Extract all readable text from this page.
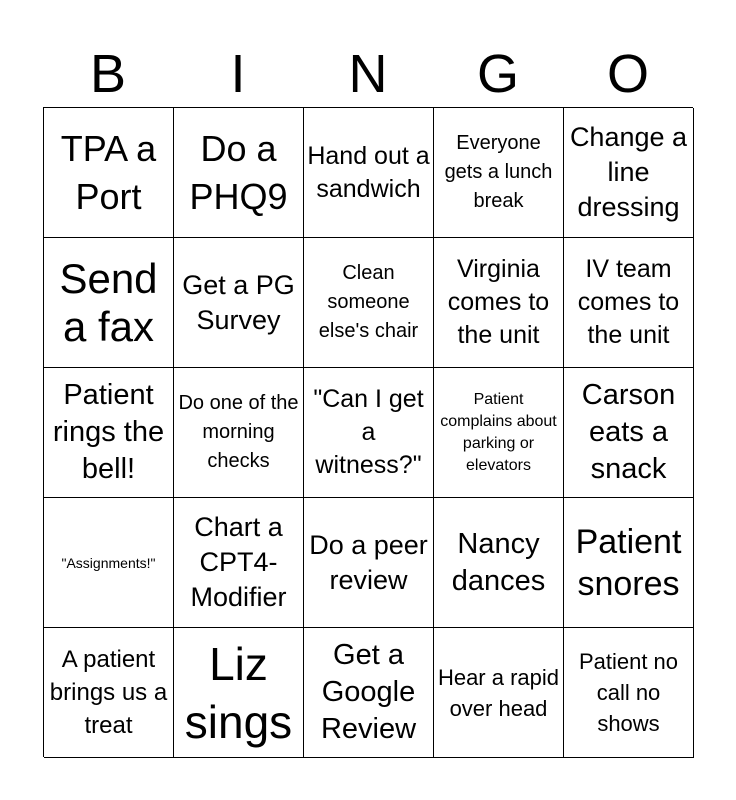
B	I	N	G	O
TPA a Port
Do a PHQ9
Hand out a sandwich
Everyone gets a lunch break
Change a line dressing
Send a fax
Get a PG Survey
Clean someone else's chair
Virginia comes to the unit
IV team comes to the unit
Patient rings the bell!
Do one of the morning checks
"Can I get a witness?"
Patient complains about parking or elevators
Carson eats a snack
"Assignments!"
Chart a CPT4-Modifier
Do a peer review
Nancy dances
Patient snores
A patient brings us a treat
Liz sings
Get a Google Review
Hear a rapid over head
Patient no call no shows
